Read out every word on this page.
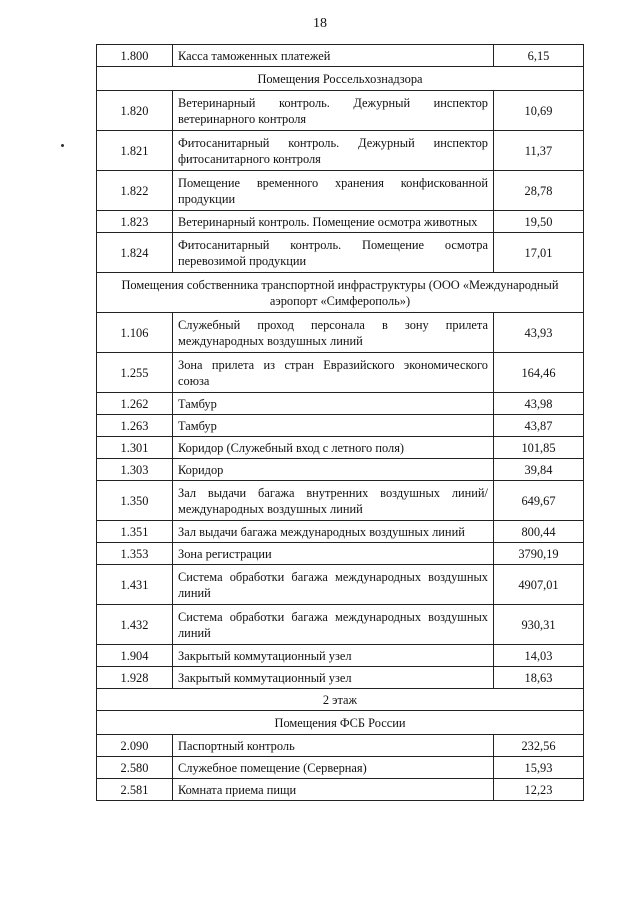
18
1.800	Касса таможенных платежей	6,15
Помещения Россельхознадзора		
1.820	Ветеринарный контроль. Дежурный инспектор ветеринарного контроля	10,69
1.821	Фитосанитарный контроль. Дежурный инспектор фитосанитарного контроля	11,37
1.822	Помещение временного хранения конфискованной продукции	28,78
1.823	Ветеринарный контроль. Помещение осмотра животных	19,50
1.824	Фитосанитарный контроль. Помещение осмотра перевозимой продукции	17,01
Помещения собственника транспортной инфраструктуры (ООО «Международный аэропорт «Симферополь»)		
1.106	Служебный проход персонала в зону прилета международных воздушных линий	43,93
1.255	Зона прилета из стран Евразийского экономического союза	164,46
1.262	Тамбур	43,98
1.263	Тамбур	43,87
1.301	Коридор (Служебный вход с летного поля)	101,85
1.303	Коридор	39,84
1.350	Зал выдачи багажа внутренних воздушных линий/международных воздушных линий	649,67
1.351	Зал выдачи багажа международных воздушных линий	800,44
1.353	Зона регистрации	3790,19
1.431	Система обработки багажа международных воздушных линий	4907,01
1.432	Система обработки багажа международных воздушных линий	930,31
1.904	Закрытый коммутационный узел	14,03
1.928	Закрытый коммутационный узел	18,63
2 этаж		
Помещения ФСБ России		
2.090	Паспортный контроль	232,56
2.580	Служебное помещение (Серверная)	15,93
2.581	Комната приема пищи	12,23
